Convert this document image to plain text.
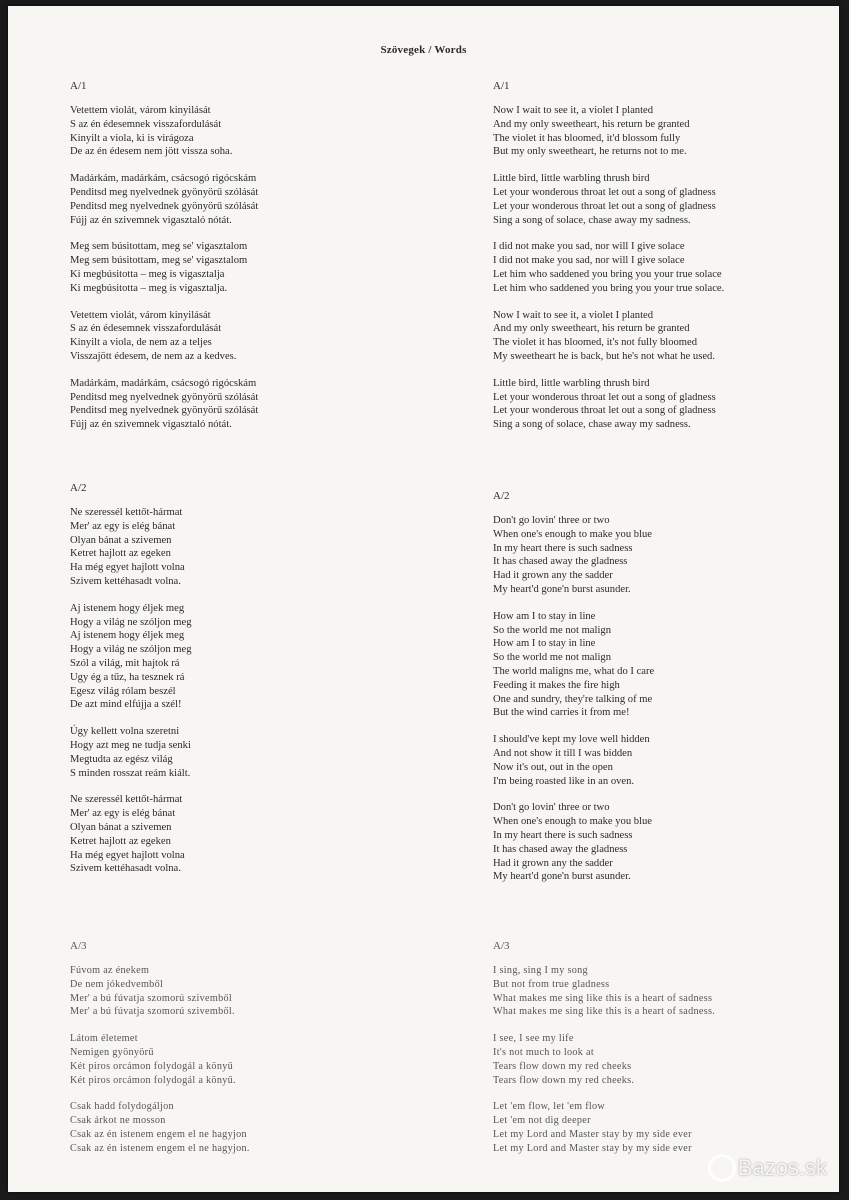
Szövegek / Words
A/1
Vetettem violát, várom kinyilását
S az én édesemnek visszafordulását
Kinyilt a viola, ki is virágoza
De az én édesem nem jött vissza soha.
Madárkám, madárkám, csácsogó rigócskám
Penditsd meg nyelvednek gyönyörű szólását
Penditsd meg nyelvednek gyönyörű szólását
Fújj az én szivemnek vigasztaló nótát.
Meg sem búsitottam, meg se' vigasztalom
Meg sem búsitottam, meg se' vigasztalom
Ki megbúsitotta – meg is vigasztalja
Ki megbúsitotta – meg is vigasztalja.
Vetettem violát, várom kinyilását
S az én édesemnek visszafordulását
Kinyilt a viola, de nem az a teljes
Visszajött édesem, de nem az a kedves.
Madárkám, madárkám, csácsogó rigócskám
Penditsd meg nyelvednek gyönyörű szólását
Penditsd meg nyelvednek gyönyörű szólását
Fújj az én szivemnek vigasztaló nótát.
A/1
Now I wait to see it, a violet I planted
And my only sweetheart, his return be granted
The violet it has bloomed, it'd blossom fully
But my only sweetheart, he returns not to me.
Little bird, little warbling thrush bird
Let your wonderous throat let out a song of gladness
Let your wonderous throat let out a song of gladness
Sing a song of solace, chase away my sadness.
I did not make you sad, nor will I give solace
I did not make you sad, nor will I give solace
Let him who saddened you bring you your true solace
Let him who saddened you bring you your true solace.
Now I wait to see it, a violet I planted
And my only sweetheart, his return be granted
The violet it has bloomed, it's not fully bloomed
My sweetheart he is back, but he's not what he used.
Little bird, little warbling thrush bird
Let your wonderous throat let out a song of gladness
Let your wonderous throat let out a song of gladness
Sing a song of solace, chase away my sadness.
A/2
Ne szeressél kettőt-hármat
Mer' az egy is elég bánat
Olyan bánat a szivemen
Ketret hajlott az egeken
Ha még egyet hajlott volna
Szivem kettéhasadt volna.
Aj istenem hogy éljek meg
Hogy a világ ne szóljon meg
Aj istenem hogy éljek meg
Hogy a világ ne szóljon meg
Szól a világ, mit hajtok rá
Ugy ég a tűz, ha tesznek rá
Egesz világ rólam beszél
De azt mind elfújja a szél!
Úgy kellett volna szeretni
Hogy azt meg ne tudja senki
Megtudta az egész világ
S minden rosszat reám kiált.
Ne szeressél kettőt-hármat
Mer' az egy is elég bánat
Olyan bánat a szivemen
Ketret hajlott az egeken
Ha még egyet hajlott volna
Szivem kettéhasadt volna.
A/2
Don't go lovin' three or two
When one's enough to make you blue
In my heart there is such sadness
It has chased away the gladness
Had it grown any the sadder
My heart'd gone'n burst asunder.
How am I to stay in line
So the world me not malign
How am I to stay in line
So the world me not malign
The world maligns me, what do I care
Feeding it makes the fire high
One and sundry, they're talking of me
But the wind carries it from me!
I should've kept my love well hidden
And not show it till I was bidden
Now it's out, out in the open
I'm being roasted like in an oven.
Don't go lovin' three or two
When one's enough to make you blue
In my heart there is such sadness
It has chased away the gladness
Had it grown any the sadder
My heart'd gone'n burst asunder.
A/3
Fúvom az énekem
De nem jókedvemből
Mer' a bú fúvatja szomorú szivemből
Mer' a bú fúvatja szomorú szivemből.
Látom életemet
Nemigen gyönyörű
Két piros orcámon folydogál a könyű
Két piros orcámon folydogál a könyű.
Csak hadd folydogáljon
Csak árkot ne mosson
Csak az én istenem engem el ne hagyjon
Csak az én istenem engem el ne hagyjon.
A/3
I sing, sing I my song
But not from true gladness
What makes me sing like this is a heart of sadness
What makes me sing like this is a heart of sadness.
I see, I see my life
It's not much to look at
Tears flow down my red cheeks
Tears flow down my red cheeks.
Let 'em flow, let 'em flow
Let 'em not dig deeper
Let my Lord and Master stay by my side ever
Let my Lord and Master stay by my side ever
Bazos.sk
